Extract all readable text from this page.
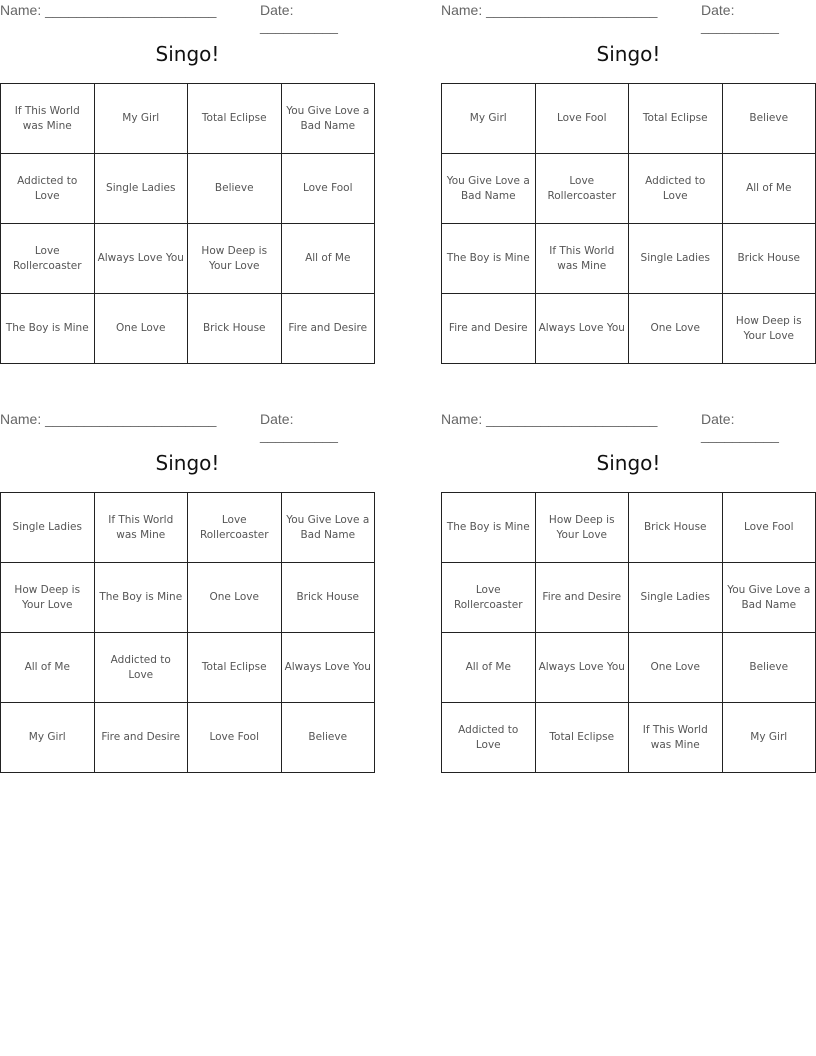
Name: ______________________	Date: __________
Singo!
If This World was Mine	My Girl	Total Eclipse	You Give Love a Bad Name
Addicted to Love	Single Ladies	Believe	Love Fool
Love Rollercoaster	Always Love You	How Deep is Your Love	All of Me
The Boy is Mine	One Love	Brick House	Fire and Desire
Name: ______________________	Date: __________
Singo!
My Girl	Love Fool	Total Eclipse	Believe
You Give Love a Bad Name	Love Rollercoaster	Addicted to Love	All of Me
The Boy is Mine	If This World was Mine	Single Ladies	Brick House
Fire and Desire	Always Love You	One Love	How Deep is Your Love
Name: ______________________	Date: __________
Singo!
Single Ladies	If This World was Mine	Love Rollercoaster	You Give Love a Bad Name
How Deep is Your Love	The Boy is Mine	One Love	Brick House
All of Me	Addicted to Love	Total Eclipse	Always Love You
My Girl	Fire and Desire	Love Fool	Believe
Name: ______________________	Date: __________
Singo!
The Boy is Mine	How Deep is Your Love	Brick House	Love Fool
Love Rollercoaster	Fire and Desire	Single Ladies	You Give Love a Bad Name
All of Me	Always Love You	One Love	Believe
Addicted to Love	Total Eclipse	If This World was Mine	My Girl
